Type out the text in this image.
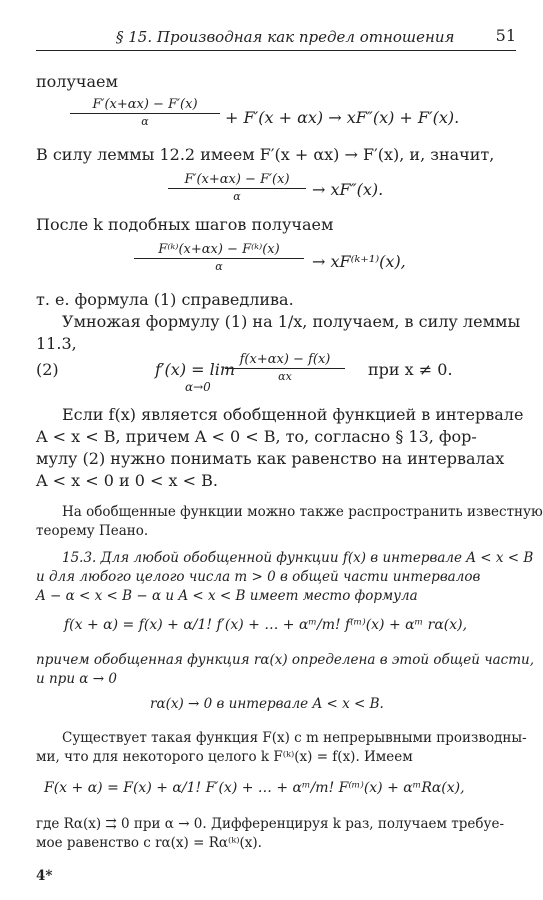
§ 15. Производная как предел отношения	51
получаем
F′(x+αx) − F′(x)
α	+ F′(x + αx) → xF″(x) + F′(x).
В силу леммы 12.2 имеем F′(x + αx) → F′(x), и, значит,
F′(x+αx) − F′(x)
α	→ xF″(x).
После k подобных шагов получаем
F⁽ᵏ⁾(x+αx) − F⁽ᵏ⁾(x)
α	→ xF⁽ᵏ⁺¹⁾(x),
т. е. формула (1) справедлива.
Умножая формулу (1) на 1/x, получаем, в силу леммы
11.3,
(2)	f′(x) = lim
α→0
f(x+αx) − f(x)
αx	при x ≠ 0.
Если f(x) является обобщенной функцией в интервале
A < x < B, причем A < 0 < B, то, согласно § 13, фор-
мулу (2) нужно понимать как равенство на интервалах
A < x < 0 и 0 < x < B.
На обобщенные функции можно также распространить известную
теорему Пеано.
15.3. Для любой обобщенной функции f(x) в интервале A < x < B
и для любого целого числа m > 0 в общей части интервалов
A − α < x < B − α и A < x < B имеет место формула
f(x + α) = f(x) + α/1! f′(x) + … + αᵐ/m! f⁽ᵐ⁾(x) + αᵐ rα(x),
причем обобщенная функция rα(x) определена в этой общей части,
и при α → 0
rα(x) → 0 в интервале A < x < B.
Существует такая функция F(x) с m непрерывными производны-
ми, что для некоторого целого k F⁽ᵏ⁾(x) = f(x). Имеем
F(x + α) = F(x) + α/1! F′(x) + … + αᵐ/m! F⁽ᵐ⁾(x) + αᵐRα(x),
где Rα(x) ⇉ 0 при α → 0. Дифференцируя k раз, получаем требуе-
мое равенство с rα(x) = Rα⁽ᵏ⁾(x).
4*
